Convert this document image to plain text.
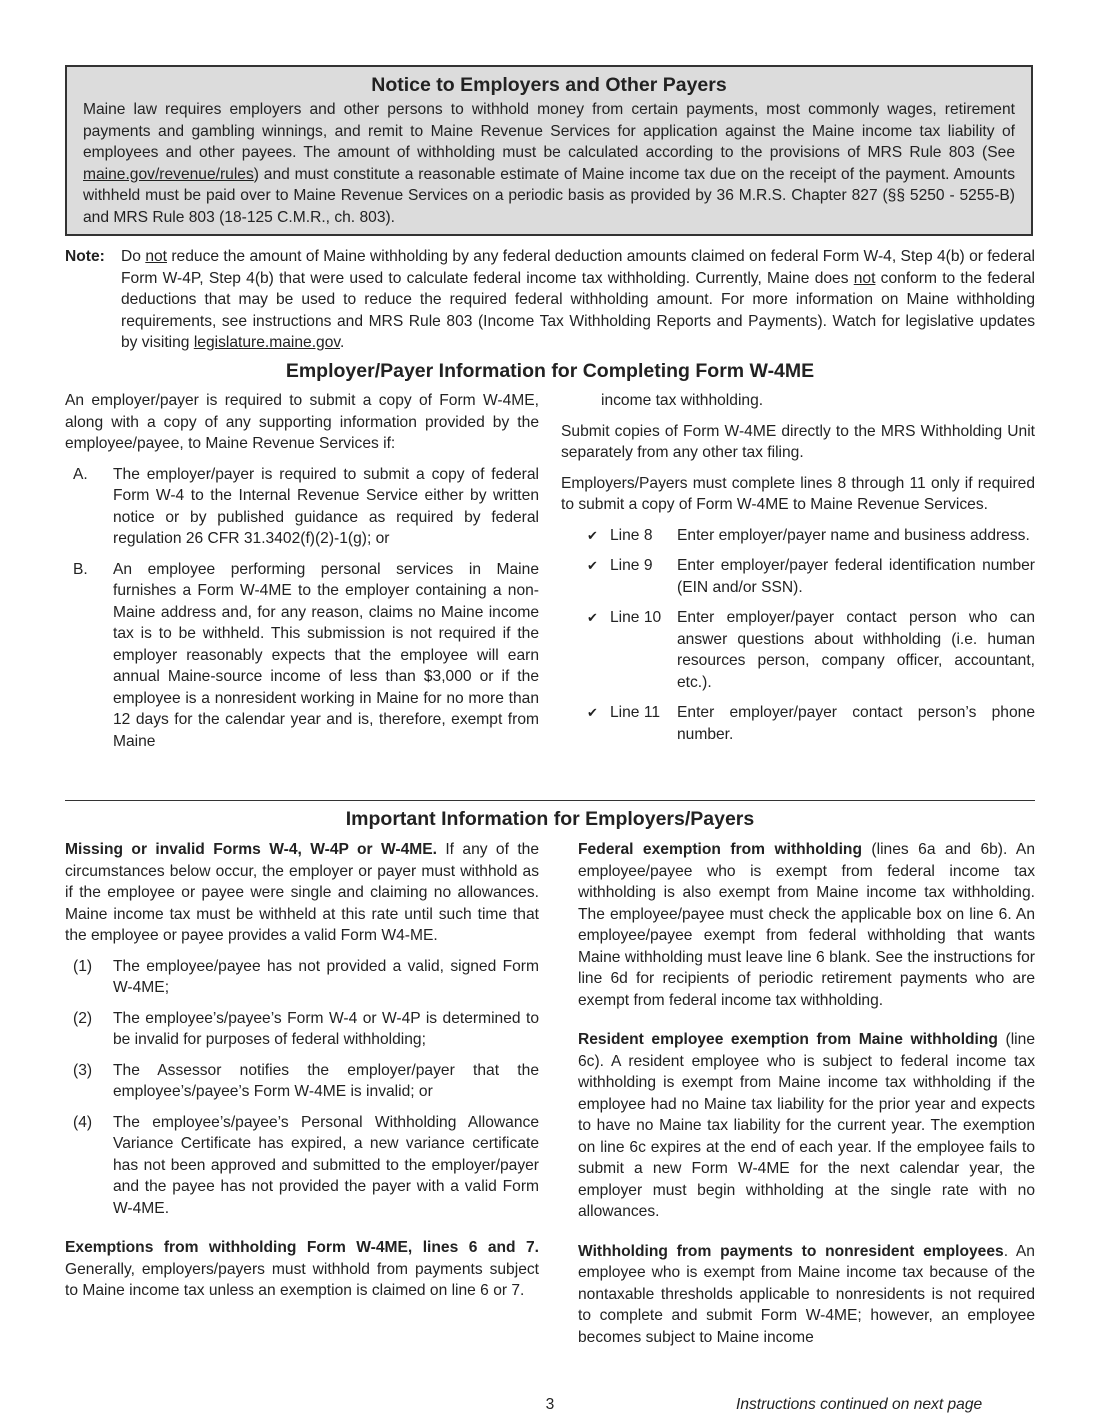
Notice to Employers and Other Payers

Maine law requires employers and other persons to withhold money from certain payments, most commonly wages, retirement payments and gambling winnings, and remit to Maine Revenue Services for application against the Maine income tax liability of employees and other payees. The amount of withholding must be calculated according to the provisions of MRS Rule 803 (See maine.gov/revenue/rules) and must constitute a reasonable estimate of Maine income tax due on the receipt of the payment. Amounts withheld must be paid over to Maine Revenue Services on a periodic basis as provided by 36 M.R.S. Chapter 827 (§§ 5250 - 5255-B) and MRS Rule 803 (18-125 C.M.R., ch. 803).

Note: Do not reduce the amount of Maine withholding by any federal deduction amounts claimed on federal Form W-4, Step 4(b) or federal Form W-4P, Step 4(b) that were used to calculate federal income tax withholding. Currently, Maine does not conform to the federal deductions that may be used to reduce the required federal withholding amount. For more information on Maine withholding requirements, see instructions and MRS Rule 803 (Income Tax Withholding Reports and Payments). Watch for legislative updates by visiting legislature.maine.gov.
Employer/Payer Information for Completing Form W-4ME

An employer/payer is required to submit a copy of Form W-4ME, along with a copy of any supporting information provided by the employee/payee, to Maine Revenue Services if:

A.	The employer/payer is required to submit a copy of federal Form W-4 to the Internal Revenue Service either by written notice or by published guidance as required by federal regulation 26 CFR 31.3402(f)(2)-1(g); or
B.	An employee performing personal services in Maine furnishes a Form W-4ME to the employer containing a non-Maine address and, for any reason, claims no Maine income tax is to be withheld. This submission is not required if the employer reasonably expects that the employee will earn annual Maine-source income of less than $3,000 or if the employee is a nonresident working in Maine for no more than 12 days for the calendar year and is, therefore, exempt from Maine

income tax withholding.

Submit copies of Form W-4ME directly to the MRS Withholding Unit separately from any other tax filing.

Employers/Payers must complete lines 8 through 11 only if required to submit a copy of Form W-4ME to Maine Revenue Services.

✔ Line 8	Enter employer/payer name and business address.
✔ Line 9	Enter employer/payer federal identification number (EIN and/or SSN).
✔ Line 10	Enter employer/payer contact person who can answer questions about withholding (i.e. human resources person, company officer, accountant, etc.).
✔ Line 11	Enter employer/payer contact person’s phone number.
Important Information for Employers/Payers

Missing or invalid Forms W-4, W-4P or W-4ME. If any of the circumstances below occur, the employer or payer must withhold as if the employee or payee were single and claiming no allowances. Maine income tax must be withheld at this rate until such time that the employee or payee provides a valid Form W4-ME.

(1)	The employee/payee has not provided a valid, signed Form W-4ME;
(2)	The employee’s/payee’s Form W-4 or W-4P is determined to be invalid for purposes of federal withholding;
(3)	The Assessor notifies the employer/payer that the employee’s/payee’s Form W-4ME is invalid; or
(4)	The employee’s/payee’s Personal Withholding Allowance Variance Certificate has expired, a new variance certificate has not been approved and submitted to the employer/payer and the payee has not provided the payer with a valid Form W-4ME.

Exemptions from withholding Form W-4ME, lines 6 and 7. Generally, employers/payers must withhold from payments subject to Maine income tax unless an exemption is claimed on line 6 or 7.

Federal exemption from withholding (lines 6a and 6b). An employee/payee who is exempt from federal income tax withholding is also exempt from Maine income tax withholding. The employee/payee must check the applicable box on line 6. An employee/payee exempt from federal withholding that wants Maine withholding must leave line 6 blank. See the instructions for line 6d for recipients of periodic retirement payments who are exempt from federal income tax withholding.

Resident employee exemption from Maine withholding (line 6c). A resident employee who is subject to federal income tax withholding is exempt from Maine income tax withholding if the employee had no Maine tax liability for the prior year and expects to have no Maine tax liability for the current year. The exemption on line 6c expires at the end of each year. If the employee fails to submit a new Form W-4ME for the next calendar year, the employer must begin withholding at the single rate with no allowances.

Withholding from payments to nonresident employees. An employee who is exempt from Maine income tax because of the nontaxable thresholds applicable to nonresidents is not required to complete and submit Form W-4ME; however, an employee becomes subject to Maine income

3	Instructions continued on next page
